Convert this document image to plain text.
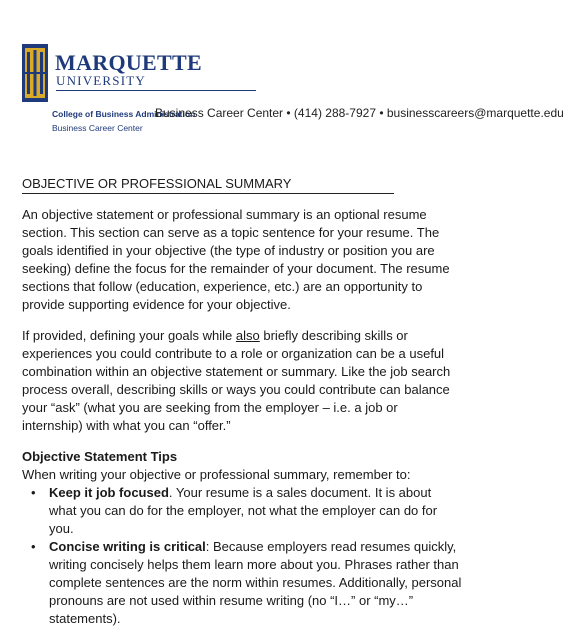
MARQUETTE
UNIVERSITY
College of Business Administration
Business Career Center
Business Career Center • (414) 288-7927 • businesscareers@marquette.edu
OBJECTIVE OR PROFESSIONAL SUMMARY

An objective statement or professional summary is an optional resume section. This section can serve as a topic sentence for your resume. The goals identified in your objective (the type of industry or position you are seeking) define the focus for the remainder of your document. The resume sections that follow (education, experience, etc.) are an opportunity to provide supporting evidence for your objective.

If provided, defining your goals while also briefly describing skills or experiences you could contribute to a role or organization can be a useful combination within an objective statement or summary. Like the job search process overall, describing skills or ways you could contribute can balance your “ask” (what you are seeking from the employer – i.e. a job or internship) with what you can “offer.”

Objective Statement Tips
When writing your objective or professional summary, remember to:
• Keep it job focused. Your resume is a sales document. It is about what you can do for the employer, not what the employer can do for you.
• Concise writing is critical: Because employers read resumes quickly, writing concisely helps them learn more about you. Phrases rather than complete sentences are the norm within resumes. Additionally, personal pronouns are not used within resume writing (no “I…” or “my…” statements).
